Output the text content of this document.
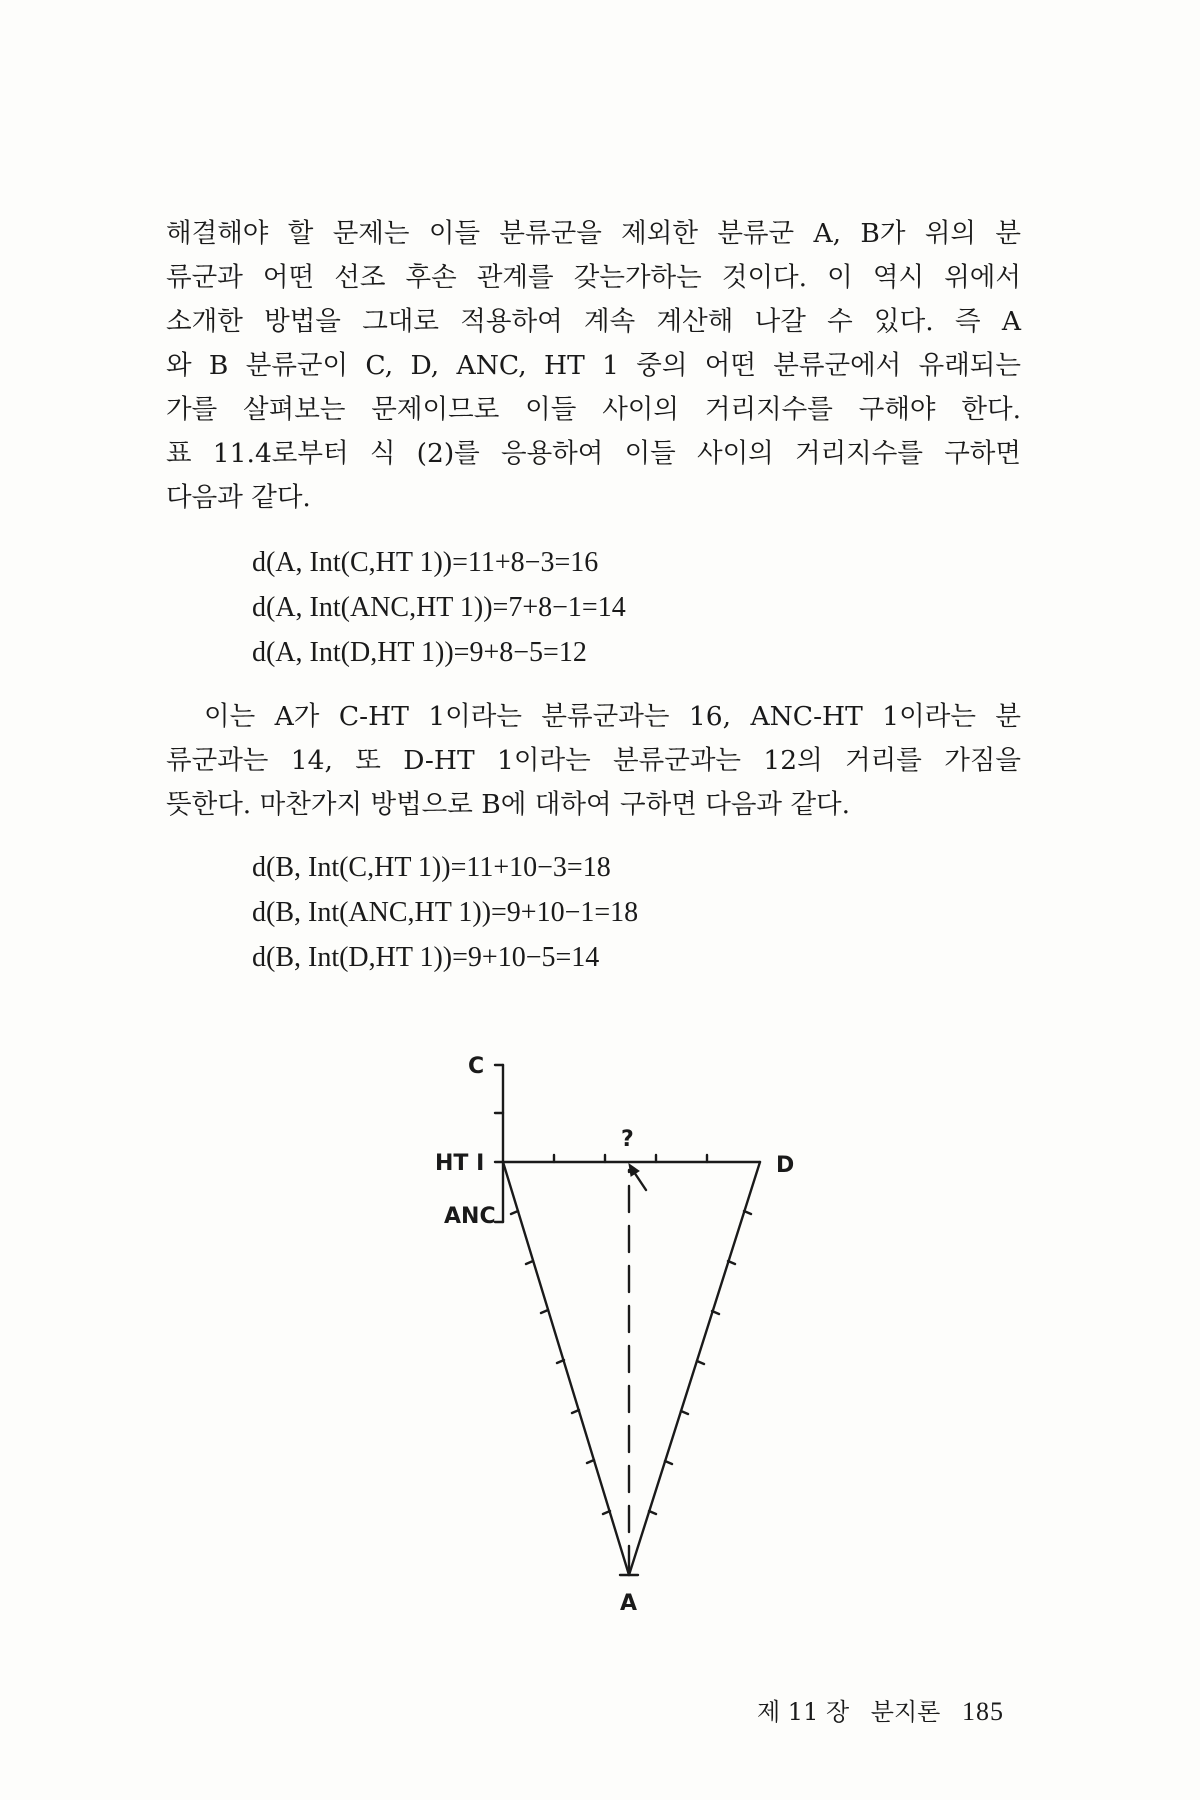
해결해야 할 문제는 이들 분류군을 제외한 분류군 A, B가 위의 분
류군과 어떤 선조 후손 관계를 갖는가하는 것이다. 이 역시 위에서
소개한 방법을 그대로 적용하여 계속 계산해 나갈 수 있다. 즉 A
와 B 분류군이 C, D, ANC, HT 1 중의 어떤 분류군에서 유래되는
가를 살펴보는 문제이므로 이들 사이의 거리지수를 구해야 한다.
표 11.4로부터 식 (2)를 응용하여 이들 사이의 거리지수를 구하면
다음과 같다.

d(A, Int(C,HT 1))=11+8−3=16
d(A, Int(ANC,HT 1))=7+8−1=14
d(A, Int(D,HT 1))=9+8−5=12

이는 A가 C-HT 1이라는 분류군과는 16, ANC-HT 1이라는 분
류군과는 14, 또 D-HT 1이라는 분류군과는 12의 거리를 가짐을
뜻한다. 마찬가지 방법으로 B에 대하여 구하면 다음과 같다.

d(B, Int(C,HT 1))=11+10−3=18
d(B, Int(ANC,HT 1))=9+10−1=18
d(B, Int(D,HT 1))=9+10−5=14
C
HT I
ANC
?
D
A
제 11 장 분지론 185
